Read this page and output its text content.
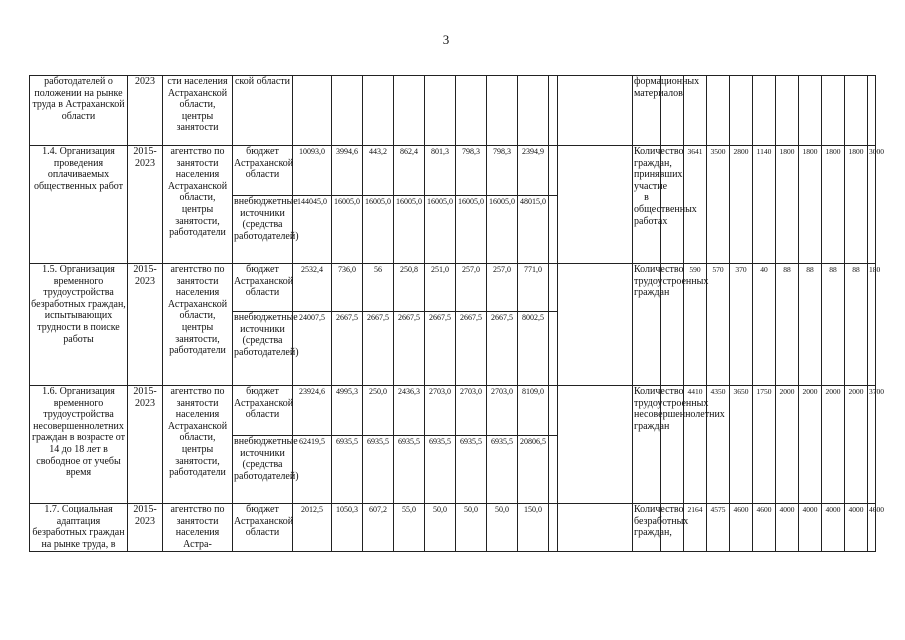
3
работодателей о положении на рынке труда в Астраханской области	2023	сти населения Астраханской области, центры занятости	ской области											формационных материалов										
1.4. Организация проведения оплачиваемых общественных работ	2015-2023	агентство по занятости населения Астраханской области, центры занятости, работодатели	бюджет Астраханской области	10093,0	3994,6	443,2	862,4	801,3	798,3	798,3	2394,9			Количество граждан, принявших участие в общественных работах		3641	3500	2800	1140	1800	1800	1800	1800	3000
			внебюджетные источники (средства работодателей)	144045,0	16005,0	16005,0	16005,0	16005,0	16005,0	16005,0	48015,0													
1.5. Организация временного трудоустройства безработных граждан, испытывающих трудности в поиске работы	2015-2023	агентство по занятости населения Астраханской области, центры занятости, работодатели	бюджет Астраханской области	2532,4	736,0	56	250,8	251,0	257,0	257,0	771,0			Количество трудоустроенных граждан		590	570	370	40	88	88	88	88	180
			внебюджетные источники (средства работодателей)	24007,5	2667,5	2667,5	2667,5	2667,5	2667,5	2667,5	8002,5													
1.6. Организация временного трудоустройства несовершеннолетних граждан в возрасте от 14 до 18 лет в свободное от учебы время	2015-2023	агентство по занятости населения Астраханской области, центры занятости, работодатели	бюджет Астраханской области	23924,6	4995,3	250,0	2436,3	2703,0	2703,0	2703,0	8109,0			Количество трудоустроенных несовершеннолетних граждан		4410	4350	3650	1750	2000	2000	2000	2000	3700
			внебюджетные источники (средства работодателей)	62419,5	6935,5	6935,5	6935,5	6935,5	6935,5	6935,5	20806,5													
1.7. Социальная адаптация безработных граждан на рынке труда, в	2015-2023	агентство по занятости населения Астра-	бюджет Астраханской области	2012,5	1050,3	607,2	55,0	50,0	50,0	50,0	150,0			Количество безработных граждан,		2164	4575	4600	4600	4000	4000	4000	4000	4600
